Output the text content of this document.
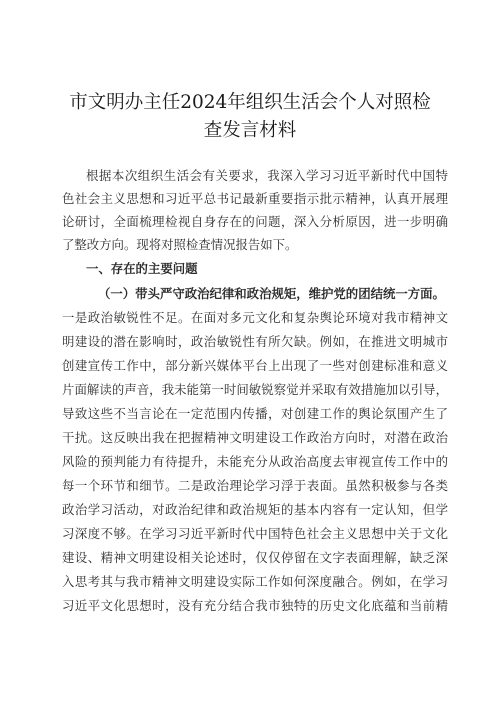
市文明办主任2024年组织生活会个人对照检
查发言材料
根据本次组织生活会有关要求，我深入学习习近平新时代中国特
色社会主义思想和习近平总书记最新重要指示批示精神，认真开展理
论研讨，全面梳理检视自身存在的问题，深入分析原因，进一步明确
了整改方向。现将对照检查情况报告如下。
一、存在的主要问题
（一）带头严守政治纪律和政治规矩，维护党的团结统一方面。
一是政治敏锐性不足。在面对多元文化和复杂舆论环境对我市精神文
明建设的潜在影响时，政治敏锐性有所欠缺。例如，在推进文明城市
创建宣传工作中，部分新兴媒体平台上出现了一些对创建标准和意义
片面解读的声音，我未能第一时间敏锐察觉并采取有效措施加以引导，
导致这些不当言论在一定范围内传播，对创建工作的舆论氛围产生了
干扰。这反映出我在把握精神文明建设工作政治方向时，对潜在政治
风险的预判能力有待提升，未能充分从政治高度去审视宣传工作中的
每一个环节和细节。二是政治理论学习浮于表面。虽然积极参与各类
政治学习活动，对政治纪律和政治规矩的基本内容有一定认知，但学
习深度不够。在学习习近平新时代中国特色社会主义思想中关于文化
建设、精神文明建设相关论述时，仅仅停留在文字表面理解，缺乏深
入思考其与我市精神文明建设实际工作如何深度融合。例如，在学习
习近平文化思想时，没有充分结合我市独特的历史文化底蕴和当前精
